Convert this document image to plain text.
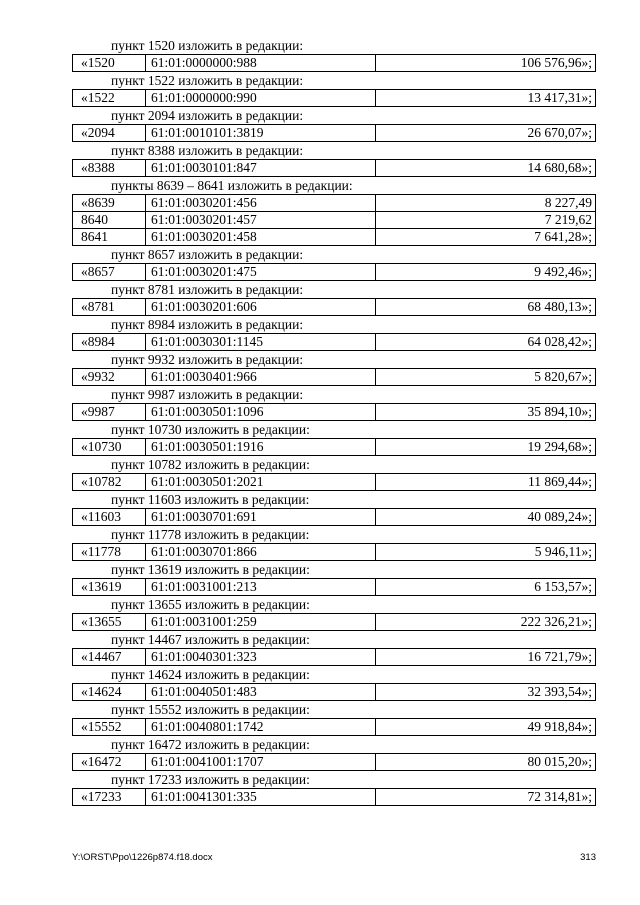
пункт 1520 изложить в редакции:
«1520	61:01:0000000:988	106 576,96»;
пункт 1522 изложить в редакции:
«1522	61:01:0000000:990	13 417,31»;
пункт 2094 изложить в редакции:
«2094	61:01:0010101:3819	26 670,07»;
пункт 8388 изложить в редакции:
«8388	61:01:0030101:847	14 680,68»;
пункты 8639 – 8641 изложить в редакции:
«8639	61:01:0030201:456	8 227,49
8640	61:01:0030201:457	7 219,62
8641	61:01:0030201:458	7 641,28»;
пункт 8657 изложить в редакции:
«8657	61:01:0030201:475	9 492,46»;
пункт 8781 изложить в редакции:
«8781	61:01:0030201:606	68 480,13»;
пункт 8984 изложить в редакции:
«8984	61:01:0030301:1145	64 028,42»;
пункт 9932 изложить в редакции:
«9932	61:01:0030401:966	5 820,67»;
пункт 9987 изложить в редакции:
«9987	61:01:0030501:1096	35 894,10»;
пункт 10730 изложить в редакции:
«10730	61:01:0030501:1916	19 294,68»;
пункт 10782 изложить в редакции:
«10782	61:01:0030501:2021	11 869,44»;
пункт 11603 изложить в редакции:
«11603	61:01:0030701:691	40 089,24»;
пункт 11778 изложить в редакции:
«11778	61:01:0030701:866	5 946,11»;
пункт 13619 изложить в редакции:
«13619	61:01:0031001:213	6 153,57»;
пункт 13655 изложить в редакции:
«13655	61:01:0031001:259	222 326,21»;
пункт 14467 изложить в редакции:
«14467	61:01:0040301:323	16 721,79»;
пункт 14624 изложить в редакции:
«14624	61:01:0040501:483	32 393,54»;
пункт 15552 изложить в редакции:
«15552	61:01:0040801:1742	49 918,84»;
пункт 16472 изложить в редакции:
«16472	61:01:0041001:1707	80 015,20»;
пункт 17233 изложить в редакции:
«17233	61:01:0041301:335	72 314,81»;
Y:\ORST\Ppo\1226p874.f18.docx	313
